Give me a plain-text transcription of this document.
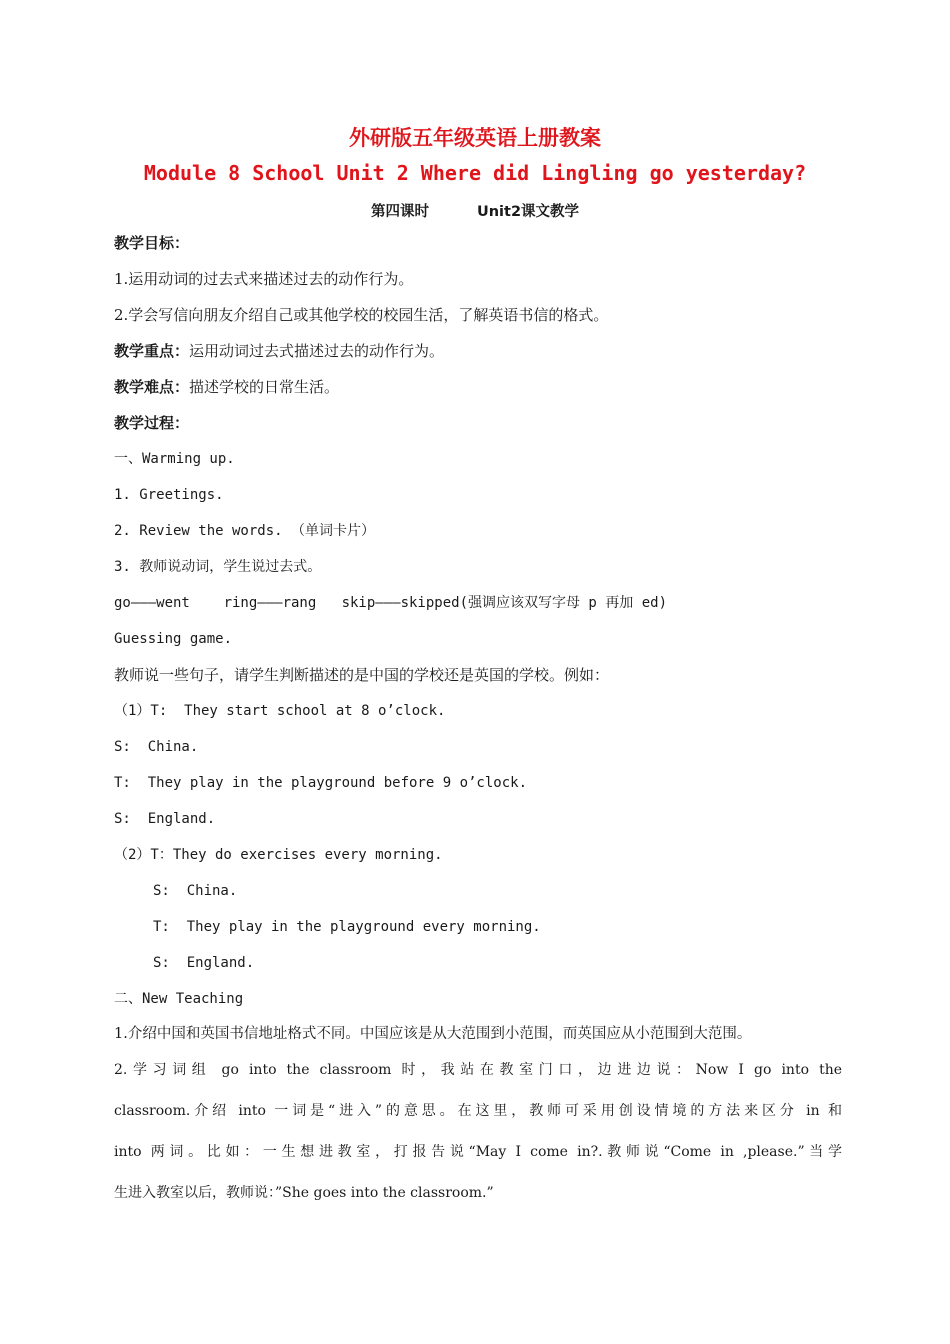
外研版五年级英语上册教案
Module 8 School Unit 2 Where did Lingling go yesterday?
第四课时	Unit2课文教学
教学目标：
1.运用动词的过去式来描述过去的动作行为。
2.学会写信向朋友介绍自己或其他学校的校园生活，了解英语书信的格式。
教学重点：运用动词过去式描述过去的动作行为。
教学难点：描述学校的日常生活。
教学过程：
一、Warming up.
1. Greetings.
2. Review the words. （单词卡片）
3. 教师说动词，学生说过去式。
go———went    ring———rang   skip———skipped(强调应该双写字母 p 再加 ed)
Guessing game.
教师说一些句子，请学生判断描述的是中国的学校还是英国的学校。例如：
（1）T:  They start school at 8 o’clock.
S:  China.
T:  They play in the playground before 9 o’clock.
S:  England.
（2）T：They do exercises every morning.
S:  China.
T:  They play in the playground every morning.
S:  England.
二、New Teaching
1.介绍中国和英国书信地址格式不同。中国应该是从大范围到小范围，而英国应从小范围到大范围。
2.学习词组 go into the classroom 时，我站在教室门口，边进边说：Now I go into the
classroom.介绍 into 一词是“进入”的意思。在这里，教师可采用创设情境的方法来区分 in 和
into 两词。比如：一生想进教室，打报告说“May I come in?.教师说“Come in ,please.”当学
生进入教室以后，教师说：”She goes into the classroom.”
